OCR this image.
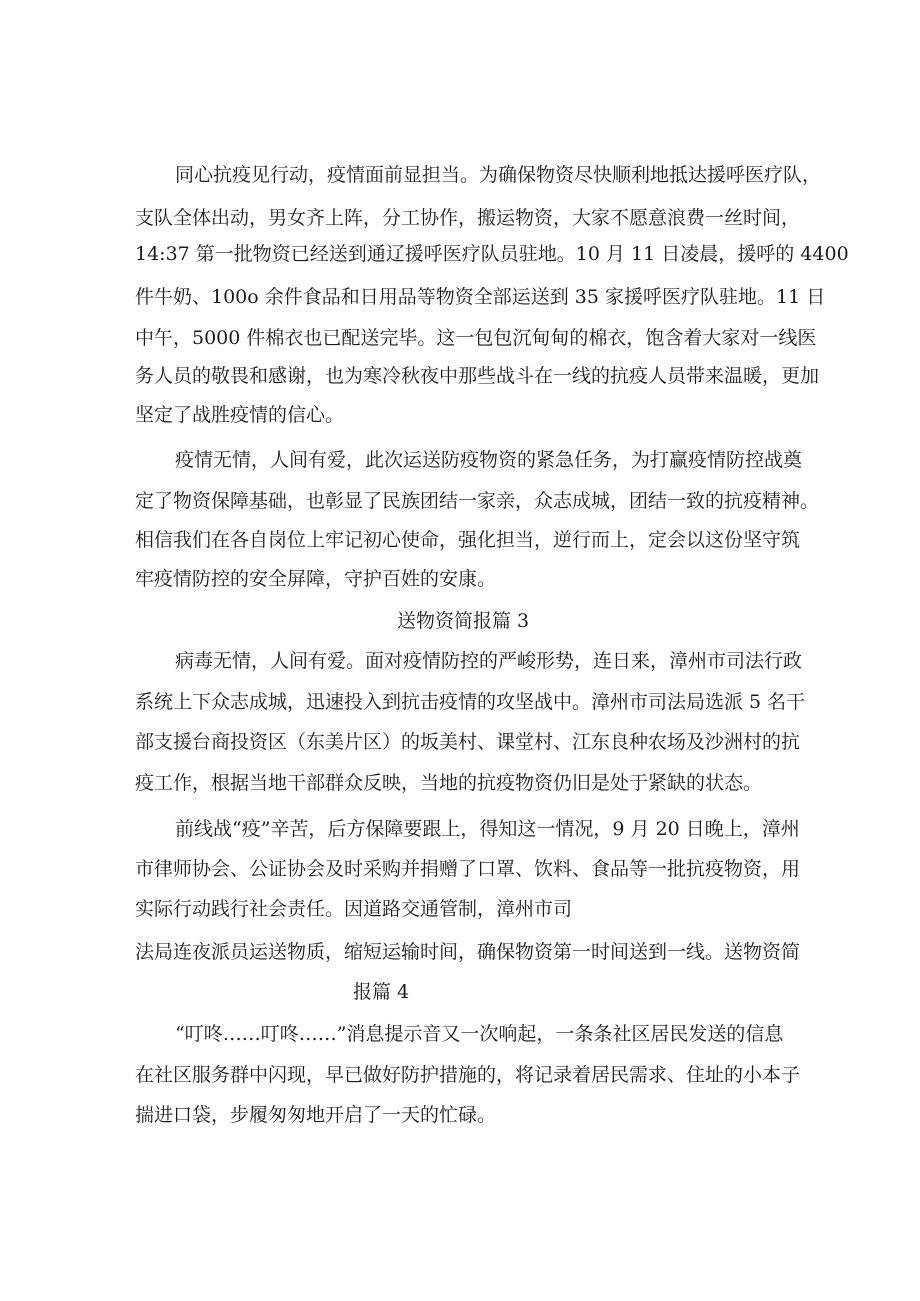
同心抗疫见行动，疫情面前显担当。为确保物资尽快顺利地抵达援呼医疗队，
支队全体出动，男女齐上阵，分工协作，搬运物资，大家不愿意浪费一丝时间，
14:37 第一批物资已经送到通辽援呼医疗队员驻地。10 月 11 日凌晨，援呼的 4400
件牛奶、100o 余件食品和日用品等物资全部运送到 35 家援呼医疗队驻地。11 日
中午，5000 件棉衣也已配送完毕。这一包包沉甸甸的棉衣，饱含着大家对一线医
务人员的敬畏和感谢，也为寒冷秋夜中那些战斗在一线的抗疫人员带来温暖，更加
坚定了战胜疫情的信心。
疫情无情，人间有爱，此次运送防疫物资的紧急任务，为打赢疫情防控战奠
定了物资保障基础，也彰显了民族团结一家亲，众志成城，团结一致的抗疫精神。
相信我们在各自岗位上牢记初心使命，强化担当，逆行而上，定会以这份坚守筑
牢疫情防控的安全屏障，守护百姓的安康。
送物资简报篇 3
病毒无情，人间有爱。面对疫情防控的严峻形势，连日来，漳州市司法行政
系统上下众志成城，迅速投入到抗击疫情的攻坚战中。漳州市司法局选派 5 名干
部支援台商投资区（东美片区）的坂美村、课堂村、江东良种农场及沙洲村的抗
疫工作，根据当地干部群众反映，当地的抗疫物资仍旧是处于紧缺的状态。
前线战“疫”辛苦，后方保障要跟上，得知这一情况，9 月 20 日晚上，漳州
市律师协会、公证协会及时采购并捐赠了口罩、饮料、食品等一批抗疫物资，用
实际行动践行社会责任。因道路交通管制，漳州市司
法局连夜派员运送物质，缩短运输时间，确保物资第一时间送到一线。送物资简
报篇 4
“叮咚……叮咚……”消息提示音又一次响起，一条条社区居民发送的信息
在社区服务群中闪现，早已做好防护措施的，将记录着居民需求、住址的小本子
揣进口袋，步履匆匆地开启了一天的忙碌。
